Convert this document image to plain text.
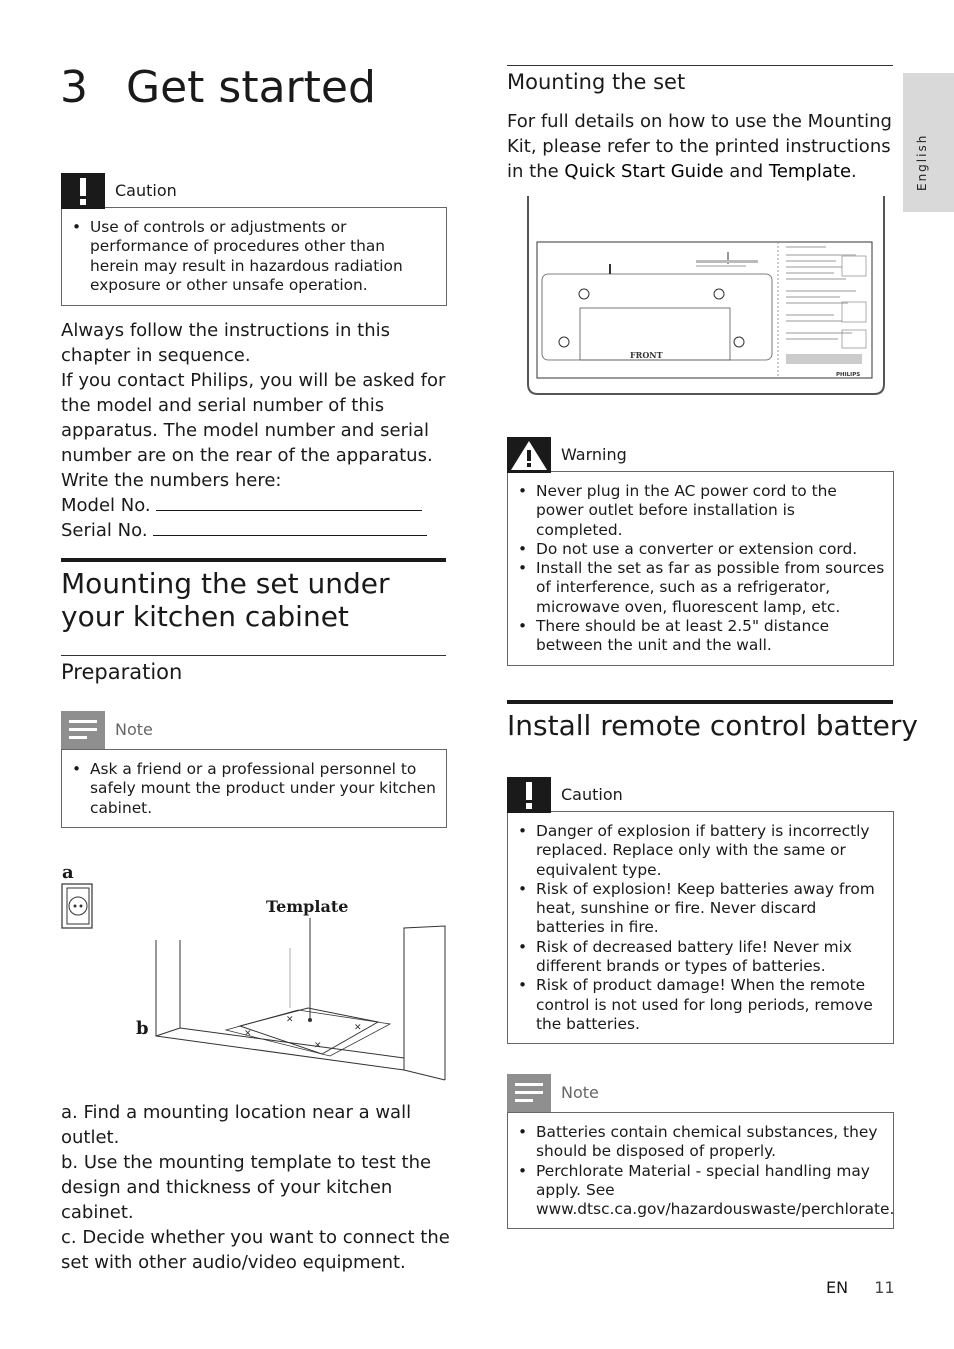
English
3 Get started
Caution
• Use of controls or adjustments or performance of procedures other than herein may result in hazardous radiation exposure or other unsafe operation.
Always follow the instructions in this chapter in sequence.
If you contact Philips, you will be asked for the model and serial number of this apparatus. The model number and serial number are on the rear of the apparatus. Write the numbers here:
Model No.
Serial No.
Mounting the set under your kitchen cabinet
Preparation
Note
• Ask a friend or a professional personnel to safely mount the product under your kitchen cabinet.
a
Template
✕
✕
✕
✕
b
a. Find a mounting location near a wall outlet.
b. Use the mounting template to test the design and thickness of your kitchen cabinet.
c. Decide whether you want to connect the set with other audio/video equipment.
Mounting the set
For full details on how to use the Mounting Kit, please refer to the printed instructions in the Quick Start Guide and Template.
FRONT
PHILIPS
Warning
• Never plug in the AC power cord to the power outlet before installation is completed.
• Do not use a converter or extension cord.
• Install the set as far as possible from sources of interference, such as a refrigerator, microwave oven, fluorescent lamp, etc.
• There should be at least 2.5" distance between the unit and the wall.
Install remote control battery
Caution
• Danger of explosion if battery is incorrectly replaced. Replace only with the same or equivalent type.
• Risk of explosion! Keep batteries away from heat, sunshine or fire. Never discard batteries in fire.
• Risk of decreased battery life! Never mix different brands or types of batteries.
• Risk of product damage! When the remote control is not used for long periods, remove the batteries.
Note
• Batteries contain chemical substances, they should be disposed of properly.
• Perchlorate Material - special handling may apply. See www.dtsc.ca.gov/hazardouswaste/perchlorate.
EN 11
